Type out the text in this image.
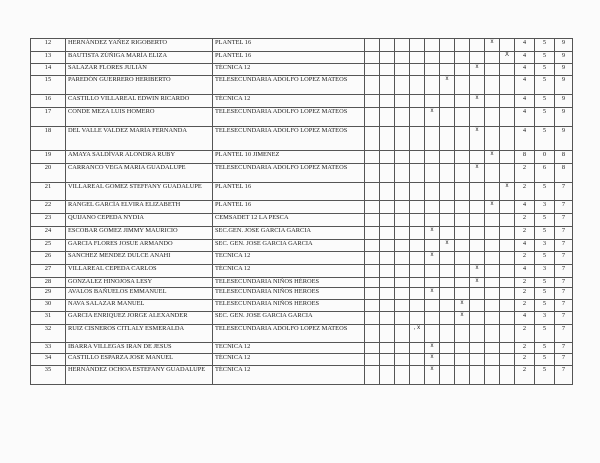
12	HERNÁNDEZ YAÑEZ RIGOBERTO	PLANTEL 16									x		4	5	9
13	BAUTISTA ZÚÑIGA MARÍA ELIZA	PLANTEL 16										X	4	5	9
14	SALAZAR FLORES JULIÁN	TÉCNICA 12								x			4	5	9
15	PAREDÓN GUERRERO HERIBERTO	TELESECUNDARIA ADOLFO LOPEZ MATEOS						x					4	5	9
16	CASTILLO VILLAREAL EDWIN RICARDO	TÉCNICA 12								x			4	5	9
17	CONDE MEZA LUIS HOMERO	TELESECUNDARIA ADOLFO LOPEZ MATEOS					x						4	5	9
18	DEL VALLE VALDEZ MARÍA FERNANDA	TELESECUNDARIA ADOLFO LOPEZ MATEOS								x			4	5	9
19	AMAYA SALDÍVAR ALONDRA RUBY	PLANTEL 10 JIMENEZ									x		8	0	8
20	CARRANCO VEGA MARIA GUADALUPE	TELESECUNDARIA ADOLFO LOPEZ MATEOS								x			2	6	8
21	VILLAREAL GOMEZ STEFFANY GUADALUPE	PLANTEL 16										x	2	5	7
22	RANGEL GARCÍA ELVIRA ELIZABETH	PLANTEL 16									x		4	3	7
23	QUIJANO CEPEDA NYDIA	CEMSADET 12 LA PESCA											2	5	7
24	ESCOBAR GOMEZ JIMMY MAURICIO	SEC.GEN. JOSE GARCIA GARCIA					x						2	5	7
25	GARCIA FLORES JOSUE ARMANDO	SEC. GEN. JOSE GARCIA GARCIA						x					4	3	7
26	SANCHEZ MENDEZ DULCE ANAHI	TECNICA 12					x						2	5	7
27	VILLAREAL CEPEDA CARLOS	TÉCNICA 12								x			4	3	7
28	GONZALEZ HINOJOSA LESY	TELESECUNDARIA NIÑOS HÉROES								x			2	5	7
29	AVALOS BAÑUELOS EMMANUEL	TELESECUNDARIA NIÑOS HEROES					x						2	5	7
30	NAVA SALAZAR MANUEL	TELESECUNDARIA NIÑOS HEROES							x				2	5	7
31	GARCIA ENRIQUEZ JORGE ALEXANDER	SEC. GEN. JOSE GARCIA GARCIA							x				4	3	7
32	RUIZ CISNEROS CITLALY ESMERALDA	TELESECUNDARIA ADOLFO LOPEZ MATEOS				, x							2	5	7
33	IBARRA VILLEGAS IRAN DE JESUS	TECNICA 12					x						2	5	7
34	CASTILLO ESPARZA JOSE MANUEL	TÉCNICA 12					x						2	5	7
35	HERNÁNDEZ OCHOA ESTEFANY GUADALUPE	TÉCNICA 12					x						2	5	7
